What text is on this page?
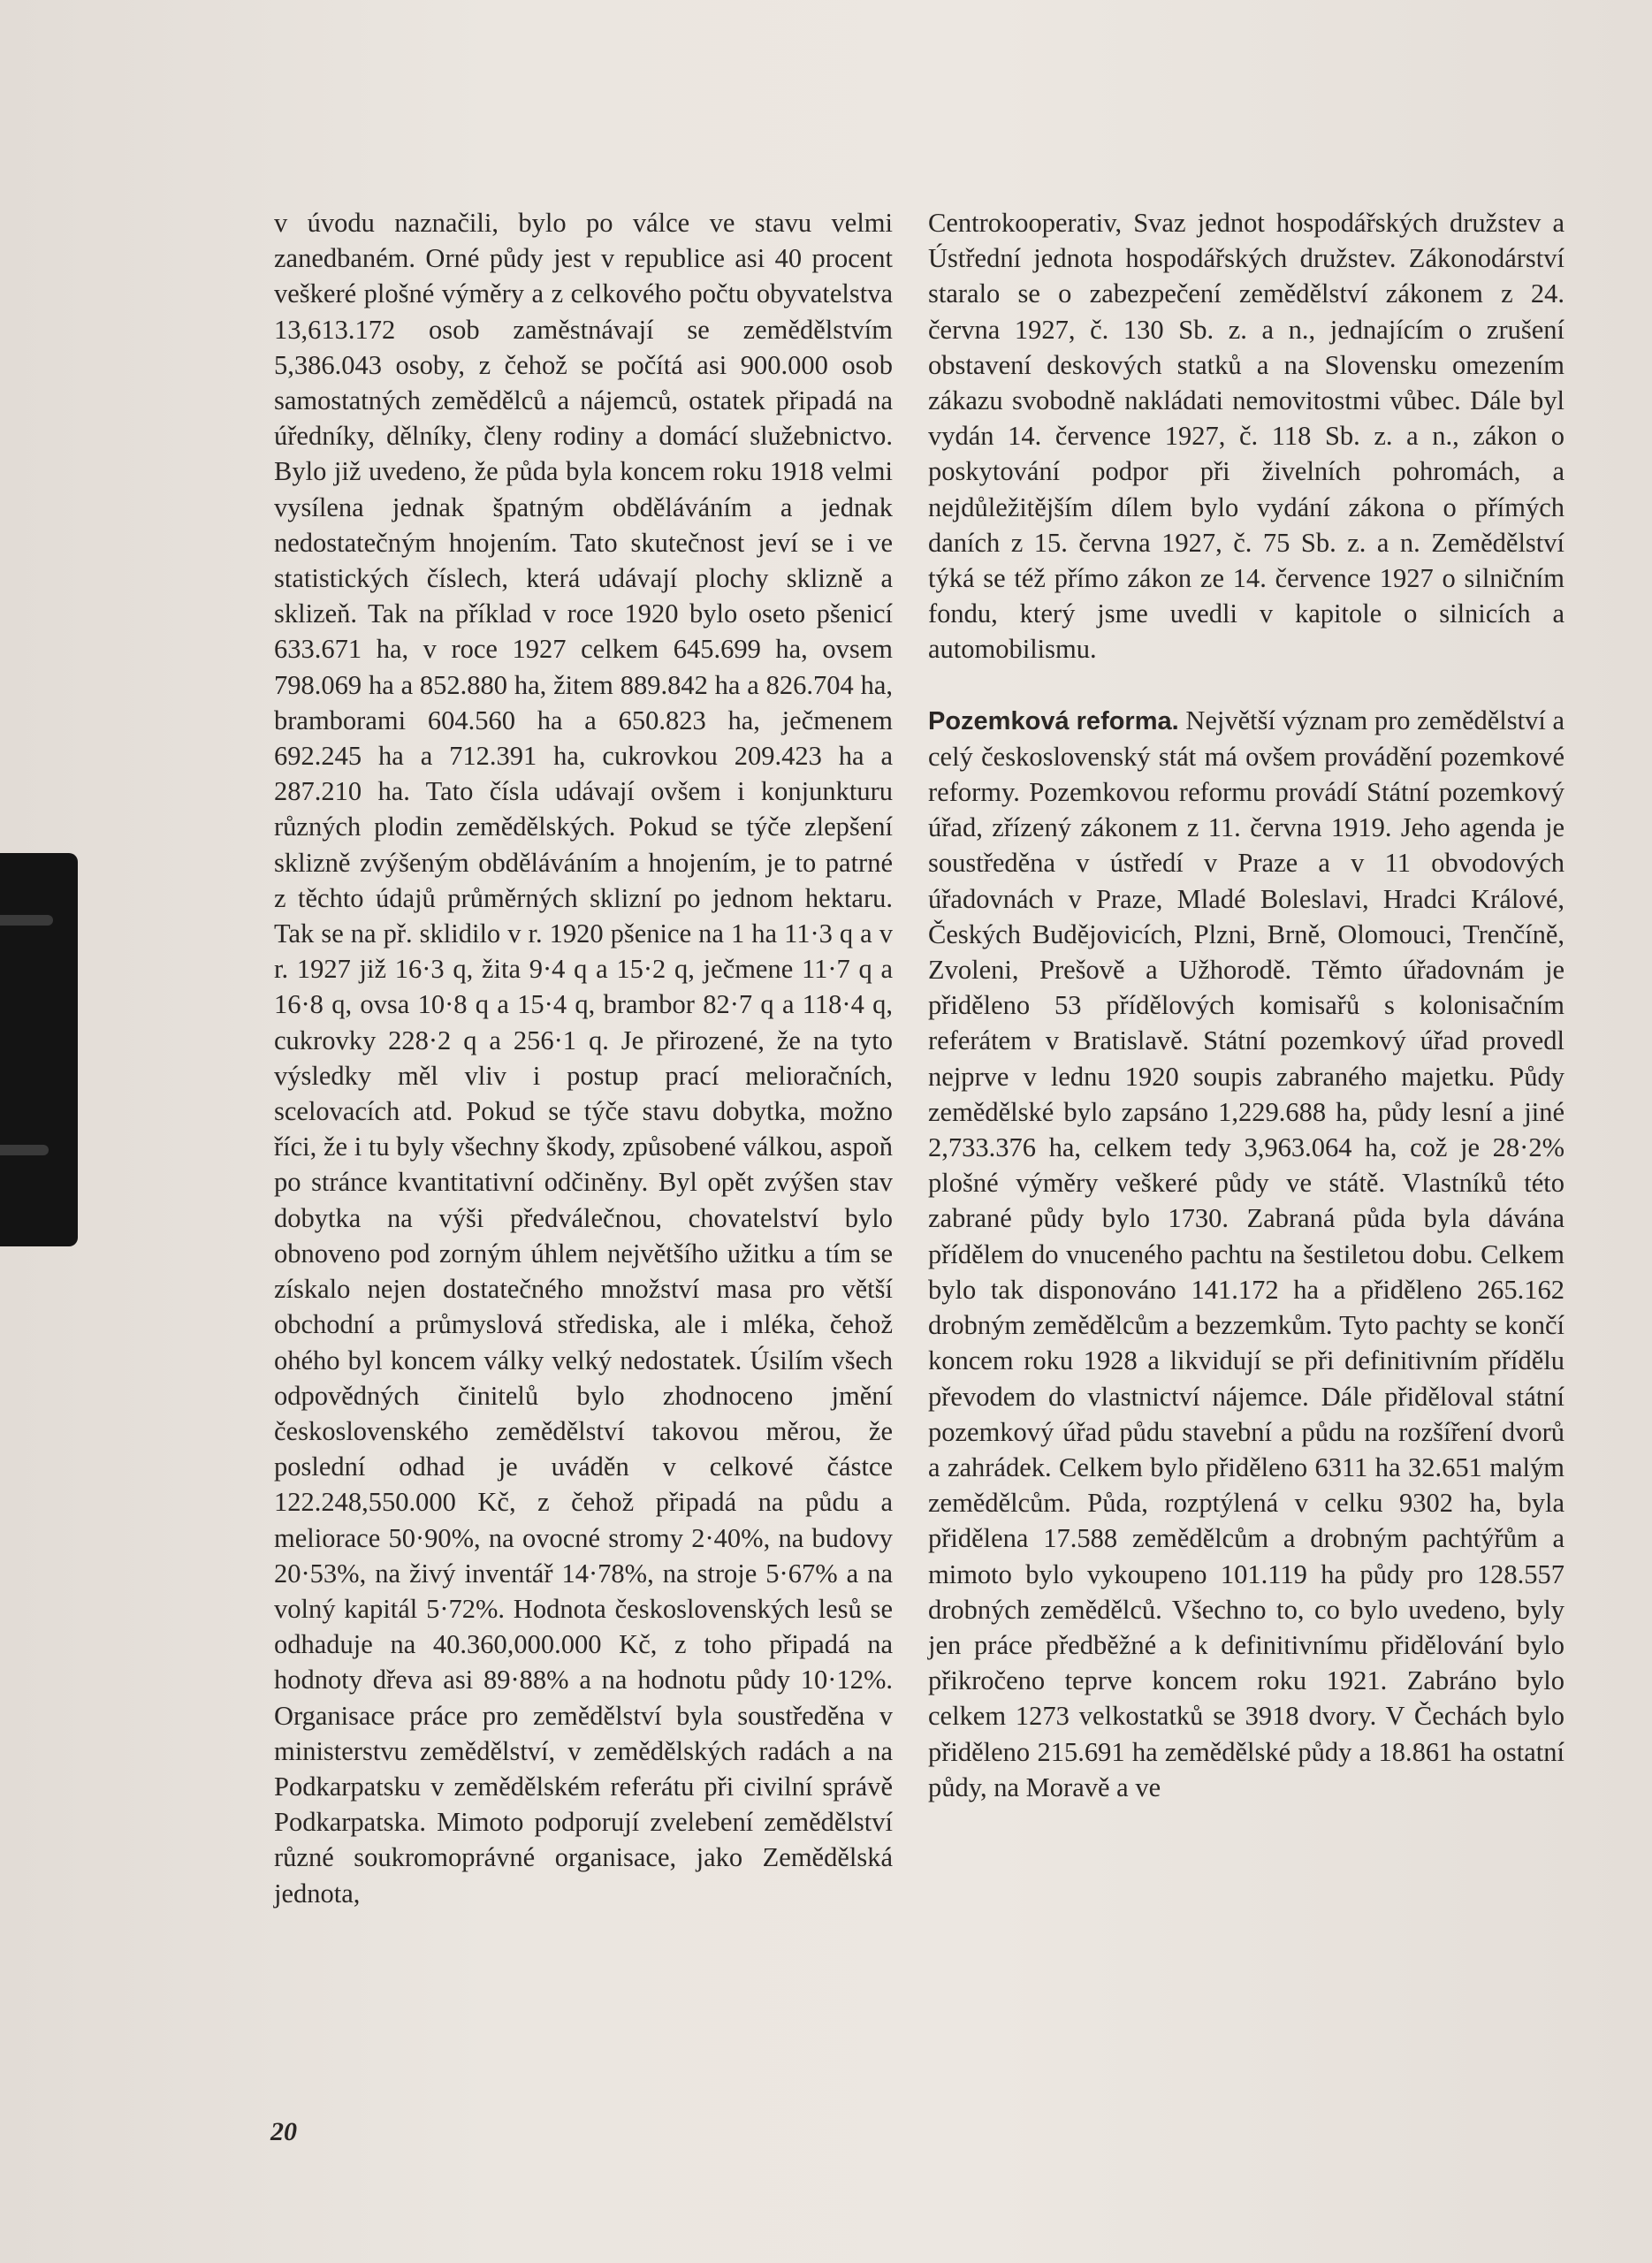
v úvodu naznačili, bylo po válce ve stavu velmi zanedbaném. Orné půdy jest v republice asi 40 procent veškeré plošné výměry a z celkového počtu obyvatelstva 13,613.172 osob zaměstnávají se zemědělstvím 5,386.043 osoby, z čehož se počítá asi 900.000 osob samostatných zemědělců a nájemců, ostatek připadá na úředníky, dělníky, členy rodiny a domácí služebnictvo. Bylo již uvedeno, že půda byla koncem roku 1918 velmi vysílena jednak špatným obděláváním a jednak nedostatečným hnojením. Tato skutečnost jeví se i ve statistických číslech, která udávají plochy sklizně a sklizeň. Tak na příklad v roce 1920 bylo oseto pšenicí 633.671 ha, v roce 1927 celkem 645.699 ha, ovsem 798.069 ha a 852.880 ha, žitem 889.842 ha a 826.704 ha, bramborami 604.560 ha a 650.823 ha, ječmenem 692.245 ha a 712.391 ha, cukrovkou 209.423 ha a 287.210 ha. Tato čísla udávají ovšem i konjunkturu různých plodin zemědělských. Pokud se týče zlepšení sklizně zvýšeným obděláváním a hnojením, je to patrné z těchto údajů průměrných sklizní po jednom hektaru. Tak se na př. sklidilo v r. 1920 pšenice na 1 ha 11·3 q a v r. 1927 již 16·3 q, žita 9·4 q a 15·2 q, ječmene 11·7 q a 16·8 q, ovsa 10·8 q a 15·4 q, brambor 82·7 q a 118·4 q, cukrovky 228·2 q a 256·1 q. Je přirozené, že na tyto výsledky měl vliv i postup prací melioračních, scelovacích atd. Pokud se týče stavu dobytka, možno říci, že i tu byly všechny škody, způsobené válkou, aspoň po stránce kvantitativní odčiněny. Byl opět zvýšen stav dobytka na výši předválečnou, chovatelství bylo obnoveno pod zorným úhlem největšího užitku a tím se získalo nejen dostatečného množství masa pro větší obchodní a průmyslová střediska, ale i mléka, čehož ohého byl koncem války velký nedostatek. Úsilím všech odpovědných činitelů bylo zhodnoceno jmění československého zemědělství takovou měrou, že poslední odhad je uváděn v celkové částce 122.248,550.000 Kč, z čehož připadá na půdu a meliorace 50·90%, na ovocné stromy 2·40%, na budovy 20·53%, na živý inventář 14·78%, na stroje 5·67% a na volný kapitál 5·72%. Hodnota československých lesů se odhaduje na 40.360,000.000 Kč, z toho připadá na hodnoty dřeva asi 89·88% a na hodnotu půdy 10·12%. Organisace práce pro zemědělství byla soustředěna v ministerstvu zemědělství, v zemědělských radách a na Podkarpatsku v zemědělském referátu při civilní správě Podkarpatska. Mimoto podporují zvelebení zemědělství různé soukromoprávné organisace, jako Zemědělská jednota,

Centrokooperativ, Svaz jednot hospodářských družstev a Ústřední jednota hospodářských družstev. Zákonodárství staralo se o zabezpečení zemědělství zákonem z 24. června 1927, č. 130 Sb. z. a n., jednajícím o zrušení obstavení deskových statků a na Slovensku omezením zákazu svobodně nakládati nemovitostmi vůbec. Dále byl vydán 14. července 1927, č. 118 Sb. z. a n., zákon o poskytování podpor při živelních pohromách, a nejdůležitějším dílem bylo vydání zákona o přímých daních z 15. června 1927, č. 75 Sb. z. a n. Zemědělství týká se též přímo zákon ze 14. července 1927 o silničním fondu, který jsme uvedli v kapitole o silnicích a automobilismu.

Pozemková reforma. Největší význam pro zemědělství a celý československý stát má ovšem provádění pozemkové reformy. Pozemkovou reformu provádí Státní pozemkový úřad, zřízený zákonem z 11. června 1919. Jeho agenda je soustředěna v ústředí v Praze a v 11 obvodových úřadovnách v Praze, Mladé Boleslavi, Hradci Králové, Českých Budějovicích, Plzni, Brně, Olomouci, Trenčíně, Zvoleni, Prešově a Užhorodě. Těmto úřadovnám je přiděleno 53 přídělových komisařů s kolonisačním referátem v Bratislavě. Státní pozemkový úřad provedl nejprve v lednu 1920 soupis zabraného majetku. Půdy zemědělské bylo zapsáno 1,229.688 ha, půdy lesní a jiné 2,733.376 ha, celkem tedy 3,963.064 ha, což je 28·2% plošné výměry veškeré půdy ve státě. Vlastníků této zabrané půdy bylo 1730. Zabraná půda byla dávána přídělem do vnuceného pachtu na šestiletou dobu. Celkem bylo tak disponováno 141.172 ha a přiděleno 265.162 drobným zemědělcům a bezzemkům. Tyto pachty se končí koncem roku 1928 a likvidují se při definitivním přídělu převodem do vlastnictví nájemce. Dále přiděloval státní pozemkový úřad půdu stavební a půdu na rozšíření dvorů a zahrádek. Celkem bylo přiděleno 6311 ha 32.651 malým zemědělcům. Půda, rozptýlená v celku 9302 ha, byla přidělena 17.588 zemědělcům a drobným pachtýřům a mimoto bylo vykoupeno 101.119 ha půdy pro 128.557 drobných zemědělců. Všechno to, co bylo uvedeno, byly jen práce předběžné a k definitivnímu přidělování bylo přikročeno teprve koncem roku 1921. Zabráno bylo celkem 1273 velkostatků se 3918 dvory. V Čechách bylo přiděleno 215.691 ha zemědělské půdy a 18.861 ha ostatní půdy, na Moravě a ve

20
